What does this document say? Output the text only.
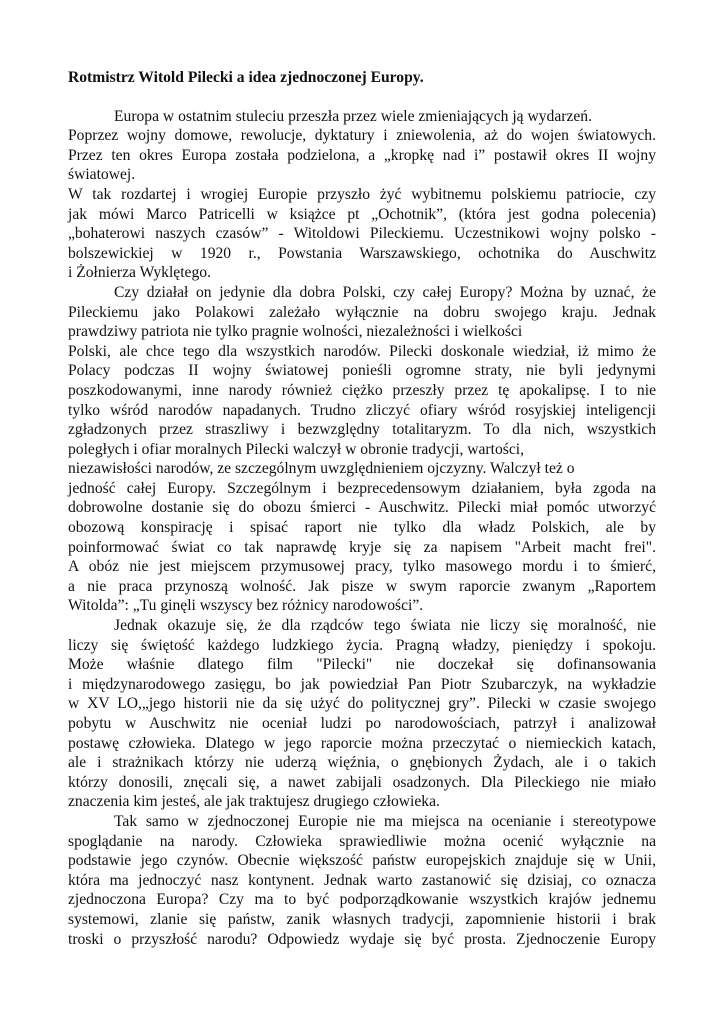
Rotmistrz Witold Pilecki a idea zjednoczonej Europy.
Europa w ostatnim stuleciu przeszła przez wiele zmieniających ją wydarzeń.
Poprzez wojny domowe, rewolucje, dyktatury i zniewolenia, aż do wojen światowych.
Przez ten okres Europa została podzielona, a „kropkę nad i” postawił okres II wojny
światowej.
W tak rozdartej i wrogiej Europie przyszło żyć wybitnemu polskiemu patriocie, czy
jak mówi Marco Patricelli w książce pt „Ochotnik”, (która jest godna polecenia)
„bohaterowi naszych czasów” - Witoldowi Pileckiemu. Uczestnikowi wojny polsko -
bolszewickiej w 1920 r., Powstania Warszawskiego, ochotnika do Auschwitz
i Żołnierza Wyklętego.
Czy działał on jedynie dla dobra Polski, czy całej Europy? Można by uznać, że
Pileckiemu jako Polakowi zależało wyłącznie na dobru swojego kraju. Jednak
prawdziwy patriota nie tylko pragnie wolności, niezależności i wielkości
Polski, ale chce tego dla wszystkich narodów. Pilecki doskonale wiedział, iż mimo że
Polacy podczas II wojny światowej ponieśli ogromne straty, nie byli jedynymi
poszkodowanymi, inne narody również ciężko przeszły przez tę apokalipsę. I to nie
tylko wśród narodów napadanych. Trudno zliczyć ofiary wśród rosyjskiej inteligencji
zgładzonych przez straszliwy i bezwzględny totalitaryzm. To dla nich, wszystkich
poległych i ofiar moralnych Pilecki walczył w obronie tradycji, wartości,
niezawisłości narodów, ze szczególnym uwzględnieniem ojczyzny. Walczył też o
jedność całej Europy. Szczególnym i bezprecedensowym działaniem, była zgoda na
dobrowolne dostanie się do obozu śmierci - Auschwitz. Pilecki miał pomóc utworzyć
obozową konspirację i spisać raport nie tylko dla władz Polskich, ale by
poinformować świat co tak naprawdę kryje się za napisem "Arbeit macht frei".
A obóz nie jest miejscem przymusowej pracy, tylko masowego mordu i to śmierć,
a nie praca przynoszą wolność. Jak pisze w swym raporcie zwanym „Raportem
Witolda”: „Tu ginęli wszyscy bez różnicy narodowości”.
Jednak okazuje się, że dla rządców tego świata nie liczy się moralność, nie
liczy się świętość każdego ludzkiego życia. Pragną władzy, pieniędzy i spokoju.
Może właśnie dlatego film "Pilecki" nie doczekał się dofinansowania
i międzynarodowego zasięgu, bo jak powiedział Pan Piotr Szubarczyk, na wykładzie
w XV LO,„jego historii nie da się użyć do politycznej gry”. Pilecki w czasie swojego
pobytu w Auschwitz nie oceniał ludzi po narodowościach, patrzył i analizował
postawę człowieka. Dlatego w jego raporcie można przeczytać o niemieckich katach,
ale i strażnikach którzy nie uderzą więźnia, o gnębionych Żydach, ale i o takich
którzy donosili, znęcali się, a nawet zabijali osadzonych. Dla Pileckiego nie miało
znaczenia kim jesteś, ale jak traktujesz drugiego człowieka.
Tak samo w zjednoczonej Europie nie ma miejsca na ocenianie i stereotypowe
spoglądanie na narody. Człowieka sprawiedliwie można ocenić wyłącznie na
podstawie jego czynów. Obecnie większość państw europejskich znajduje się w Unii,
która ma jednoczyć nasz kontynent. Jednak warto zastanowić się dzisiaj, co oznacza
zjednoczona Europa? Czy ma to być podporządkowanie wszystkich krajów jednemu
systemowi, zlanie się państw, zanik własnych tradycji, zapomnienie historii i brak
troski o przyszłość narodu? Odpowiedz wydaje się być prosta. Zjednoczenie Europy
